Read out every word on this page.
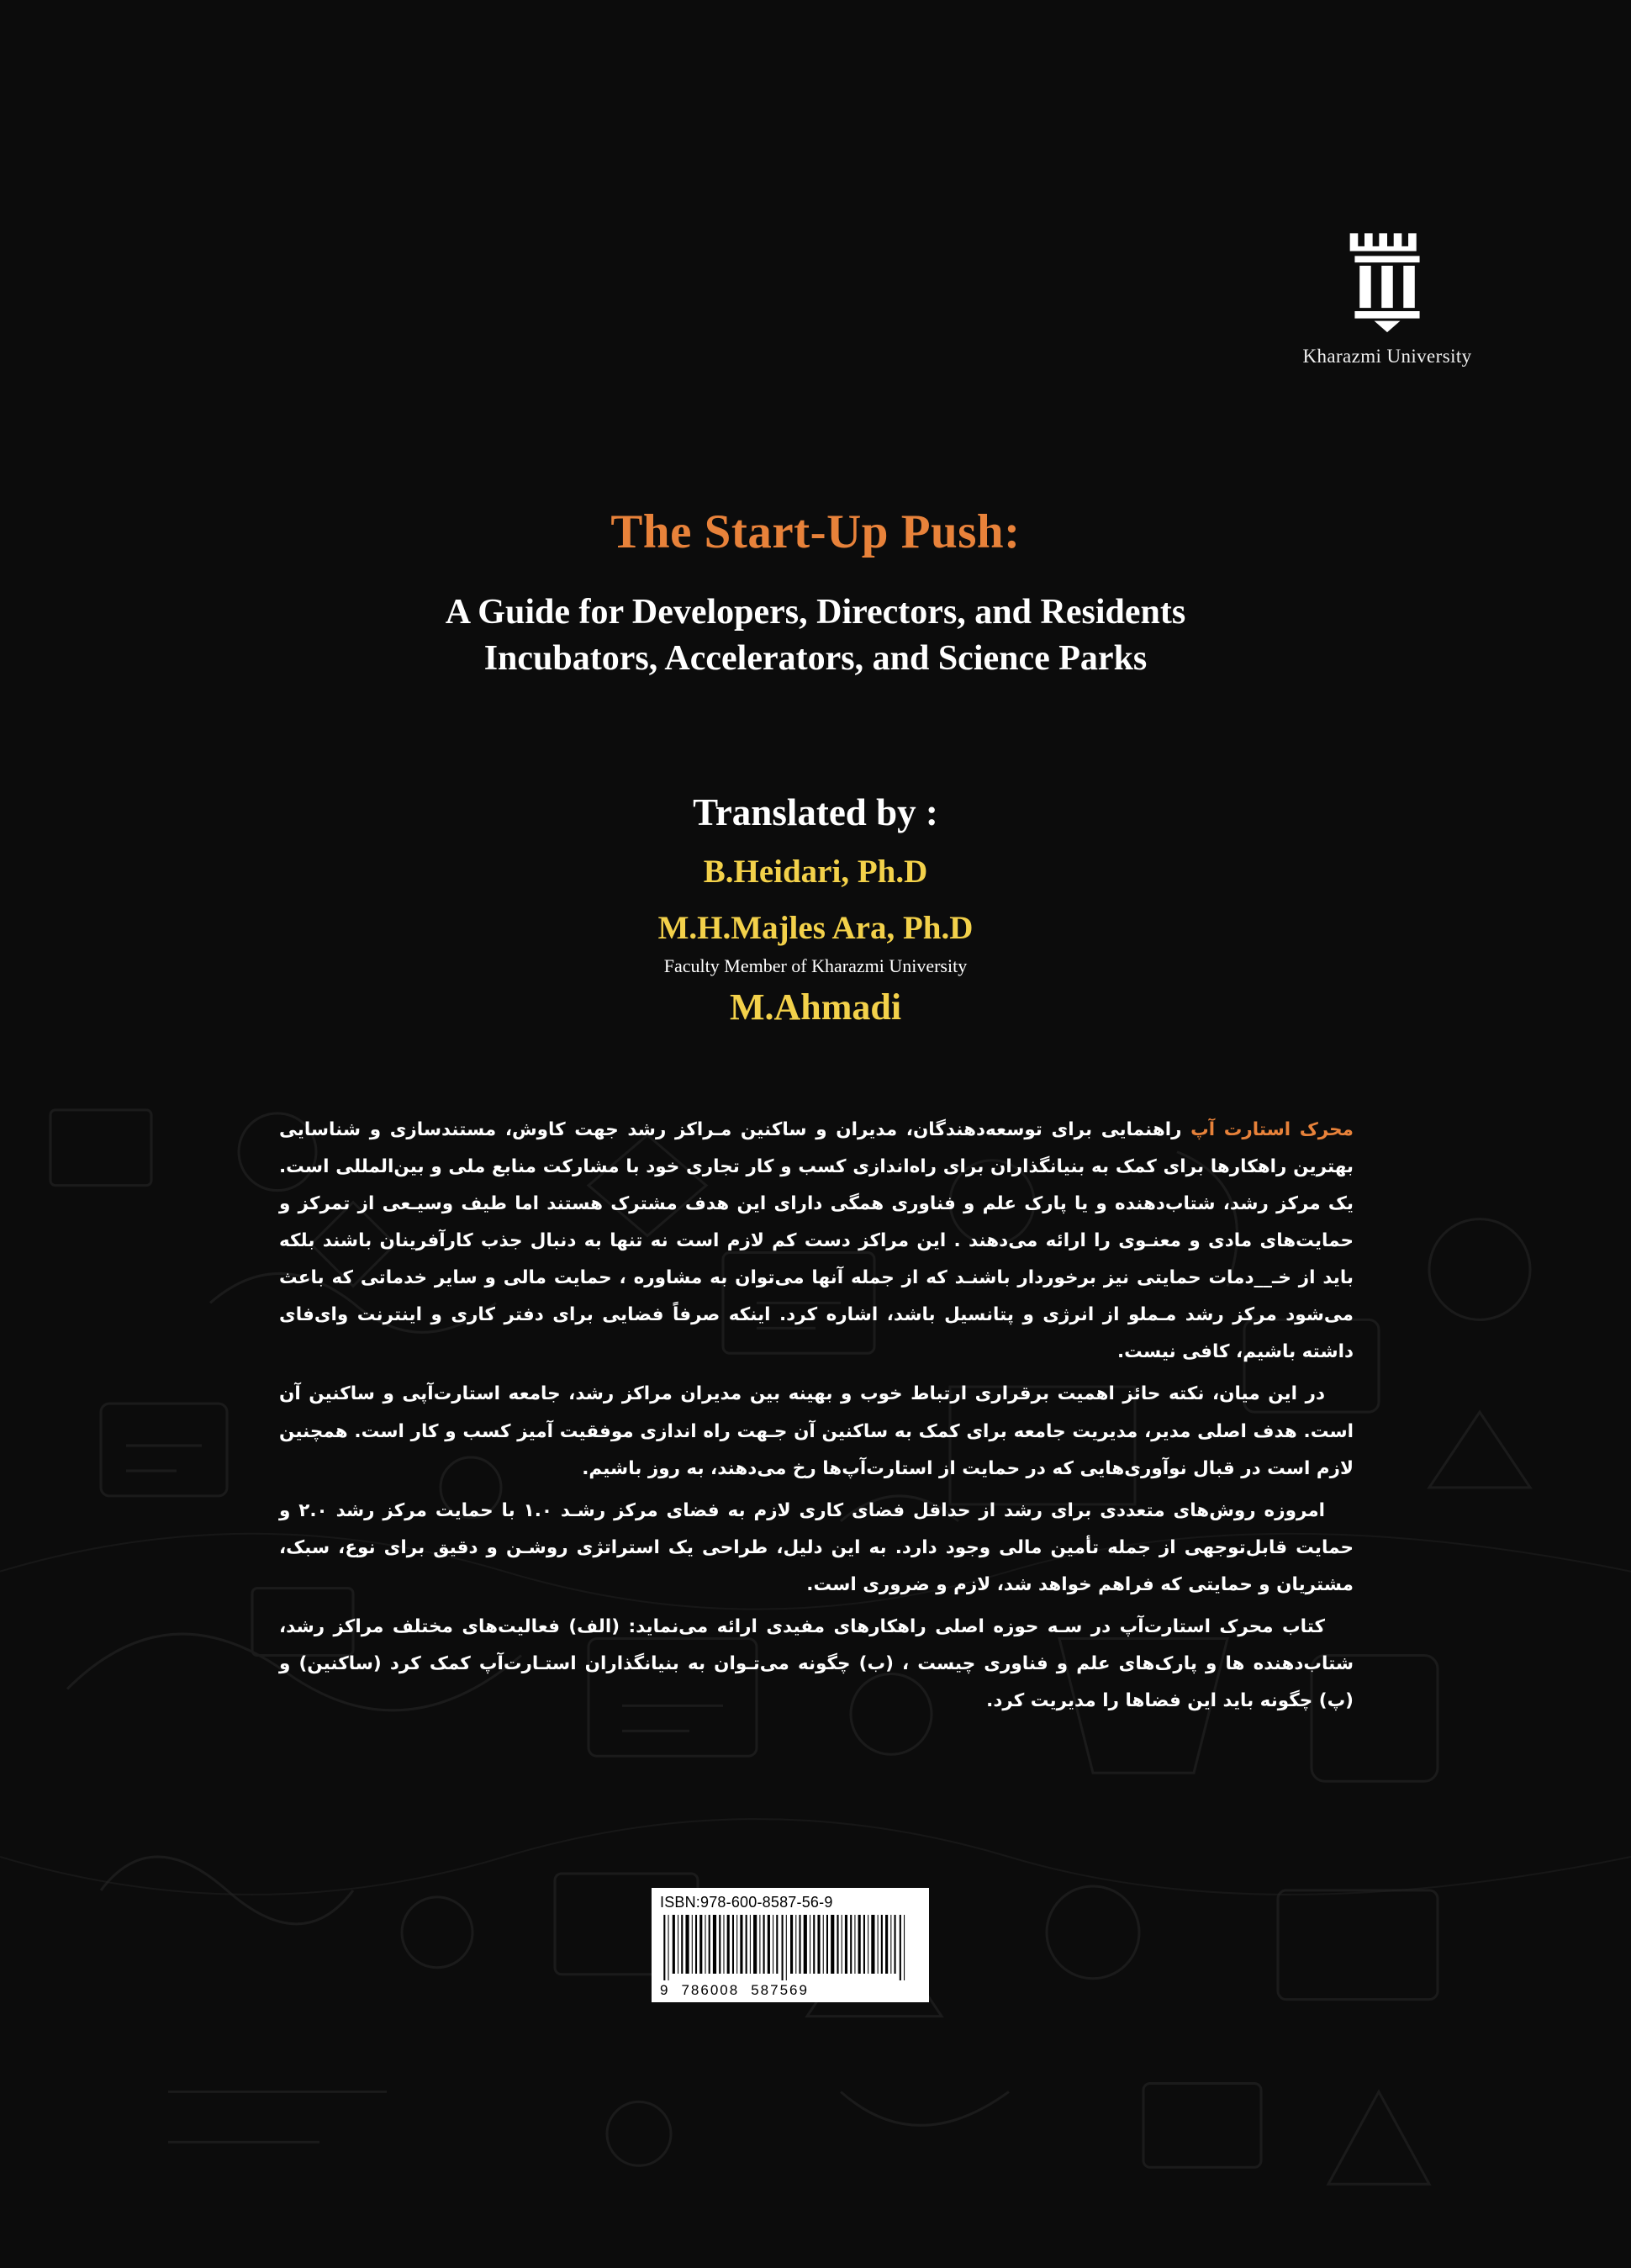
Kharazmi University
The Start-Up Push:
A Guide for Developers, Directors, and Residents
Incubators, Accelerators, and Science Parks
Translated by :
B.Heidari, Ph.D
M.H.Majles Ara, Ph.D
Faculty Member of Kharazmi University
M.Ahmadi

محرک استارت آپ راهنمایی برای توسعه‌دهندگان، مدیران و ساکنین مـراکز رشد جهت کاوش، مستندسازی و شناسایی بهترین راهکارها برای کمک به بنیانگذاران برای راه‌اندازی کسب و کار تجاری خود با مشارکت منابع ملی و بین‌المللی است. یک مرکز رشد، شتاب‌دهنده و یا پارک علم و فناوری همگی دارای این هدف مشترک هستند اما طیف وسیـعی از تمرکز و حمایت‌های مادی و معنـوی را ارائه می‌دهند . این مراکز دست کم لازم است نه تنها به دنبال جذب کارآفرینان باشند بلکه باید از خـ__دمات حمایتی نیز برخوردار باشنـد که از جمله آنها می‌توان به مشاوره ، حمایت مالی و سایر خدماتی که باعث می‌شود مرکز رشد مـملو از انرژی و پتانسیل باشد، اشاره کرد. اینکه صرفاً فضایی برای دفتر کاری و اینترنت وای‌فای داشته باشیم، کافی نیست.

در این میان، نکته حائز اهمیت برقراری ارتباط خوب و بهینه بین مدیران مراکز رشد، جامعه استارت‌آپی و ساکنین آن است. هدف اصلی مدیر، مدیریت جامعه برای کمک به ساکنین آن جـهت راه اندازی موفقیت آمیز کسب و کار است. همچنین لازم است در قبال نوآوری‌هایی که در حمایت از استارت‌آپ‌ها رخ می‌دهند، به روز باشیم.

امروزه روش‌های متعددی برای رشد از حداقل فضای کاری لازم به فضای مرکز رشـد ۱.۰ با حمایت مرکز رشد ۲.۰ و حمایت قابل‌توجهی از جمله تأمین مالی وجود دارد. به این دلیل، طراحی یک استراتژی روشـن و دقیق برای نوع، سبک، مشتریان و حمایتی که فراهم خواهد شد، لازم و ضروری است.

کتاب محرک استارت‌آپ در سـه حوزه اصلی راهکارهای مفیدی ارائه می‌نماید: (الف) فعالیت‌های مختلف مراکز رشد، شتاب‌دهنده ها و پارک‌های علم و فناوری چیست ، (ب) چگونه می‌تـوان به بنیانگذاران استـارت‌آپ کمک کرد (ساکنین) و (پ) چگونه باید این فضاها را مدیریت کرد.

ISBN:978-600-8587-56-9
9 786008 587569
